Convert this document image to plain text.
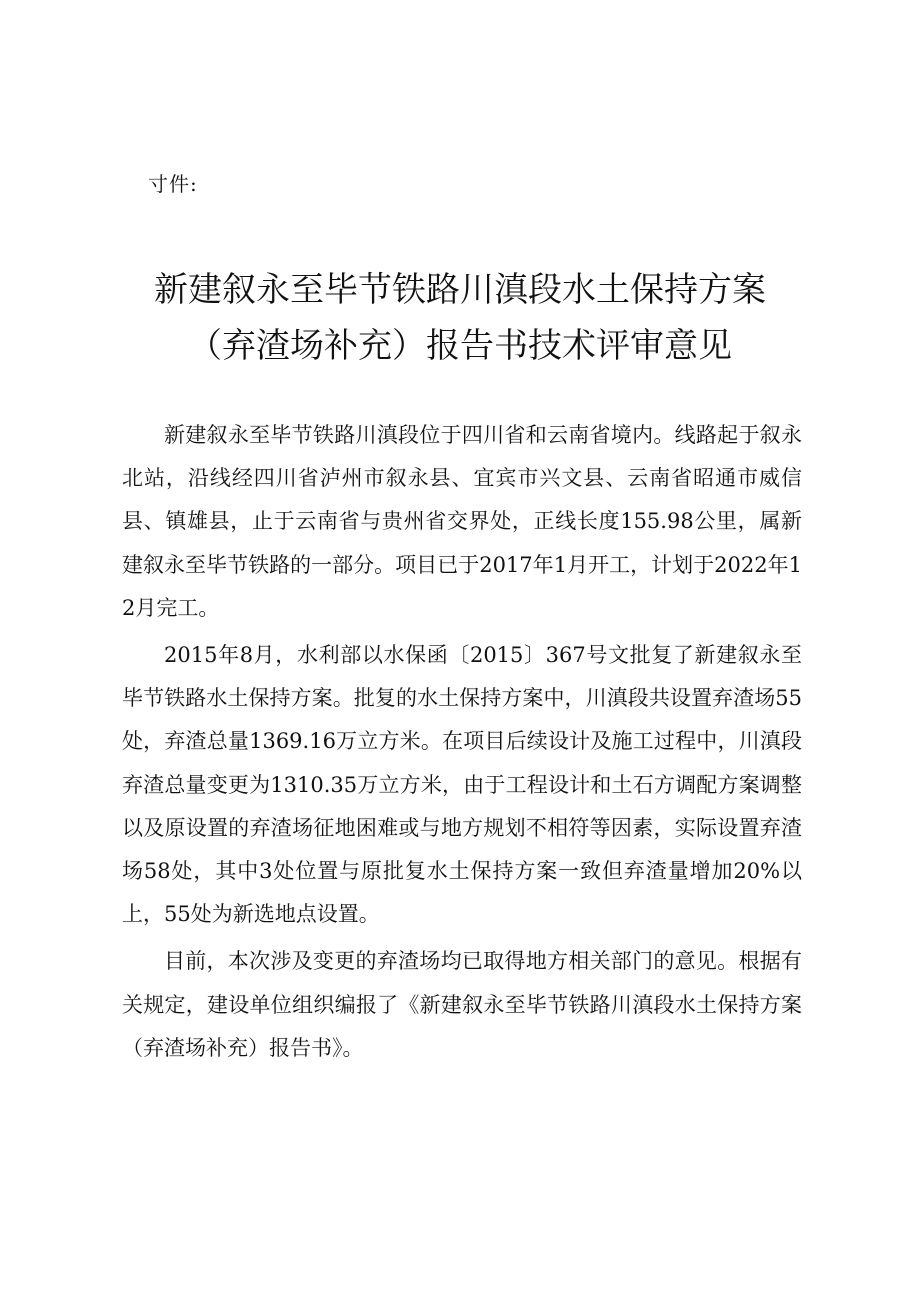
寸件:

新建叙永至毕节铁路川滇段水土保持方案
（弃渣场补充）报告书技术评审意见

新建叙永至毕节铁路川滇段位于四川省和云南省境内。线路起于叙永北站，沿线经四川省泸州市叙永县、宜宾市兴文县、云南省昭通市威信县、镇雄县，止于云南省与贵州省交界处，正线长度155.98公里，属新建叙永至毕节铁路的一部分。项目已于2017年1月开工，计划于2022年12月完工。

2015年8月，水利部以水保函〔2015〕367号文批复了新建叙永至毕节铁路水土保持方案。批复的水土保持方案中，川滇段共设置弃渣场55处，弃渣总量1369.16万立方米。在项目后续设计及施工过程中，川滇段弃渣总量变更为1310.35万立方米，由于工程设计和土石方调配方案调整以及原设置的弃渣场征地困难或与地方规划不相符等因素，实际设置弃渣场58处，其中3处位置与原批复水土保持方案一致但弃渣量增加20%以上，55处为新选地点设置。

目前，本次涉及变更的弃渣场均已取得地方相关部门的意见。根据有关规定，建设单位组织编报了《新建叙永至毕节铁路川滇段水土保持方案（弃渣场补充）报告书》。
